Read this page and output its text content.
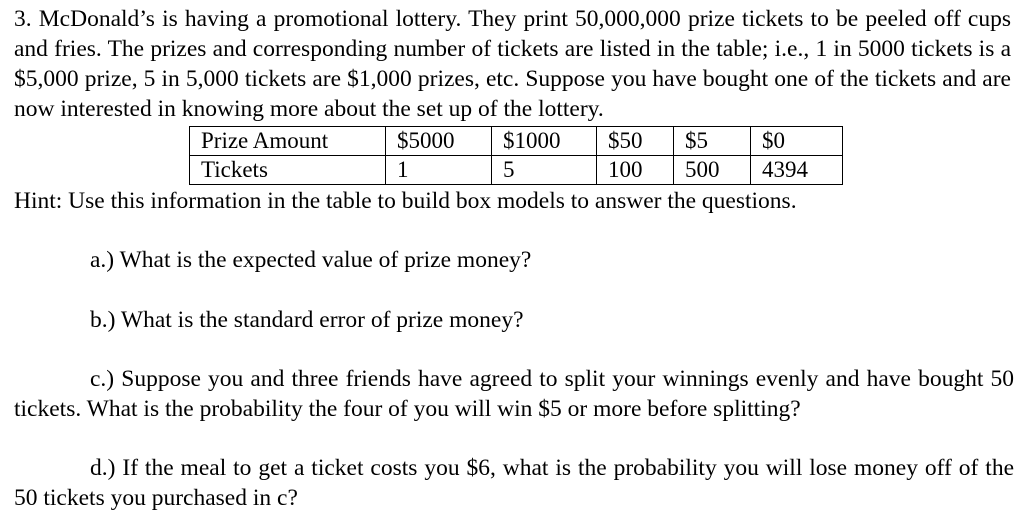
3. McDonald’s is having a promotional lottery. They print 50,000,000 prize tickets to be peeled off cups and fries. The prizes and corresponding number of tickets are listed in the table; i.e., 1 in 5000 tickets is a $5,000 prize, 5 in 5,000 tickets are $1,000 prizes, etc. Suppose you have bought one of the tickets and are now interested in knowing more about the set up of the lottery.

Prize Amount	$5000	$1000	$50	$5	$0
Tickets	1	5	100	500	4394

Hint: Use this information in the table to build box models to answer the questions.

a.) What is the expected value of prize money?

b.) What is the standard error of prize money?

c.) Suppose you and three friends have agreed to split your winnings evenly and have bought 50 tickets. What is the probability the four of you will win $5 or more before splitting?

d.) If the meal to get a ticket costs you $6, what is the probability you will lose money off of the 50 tickets you purchased in c?
